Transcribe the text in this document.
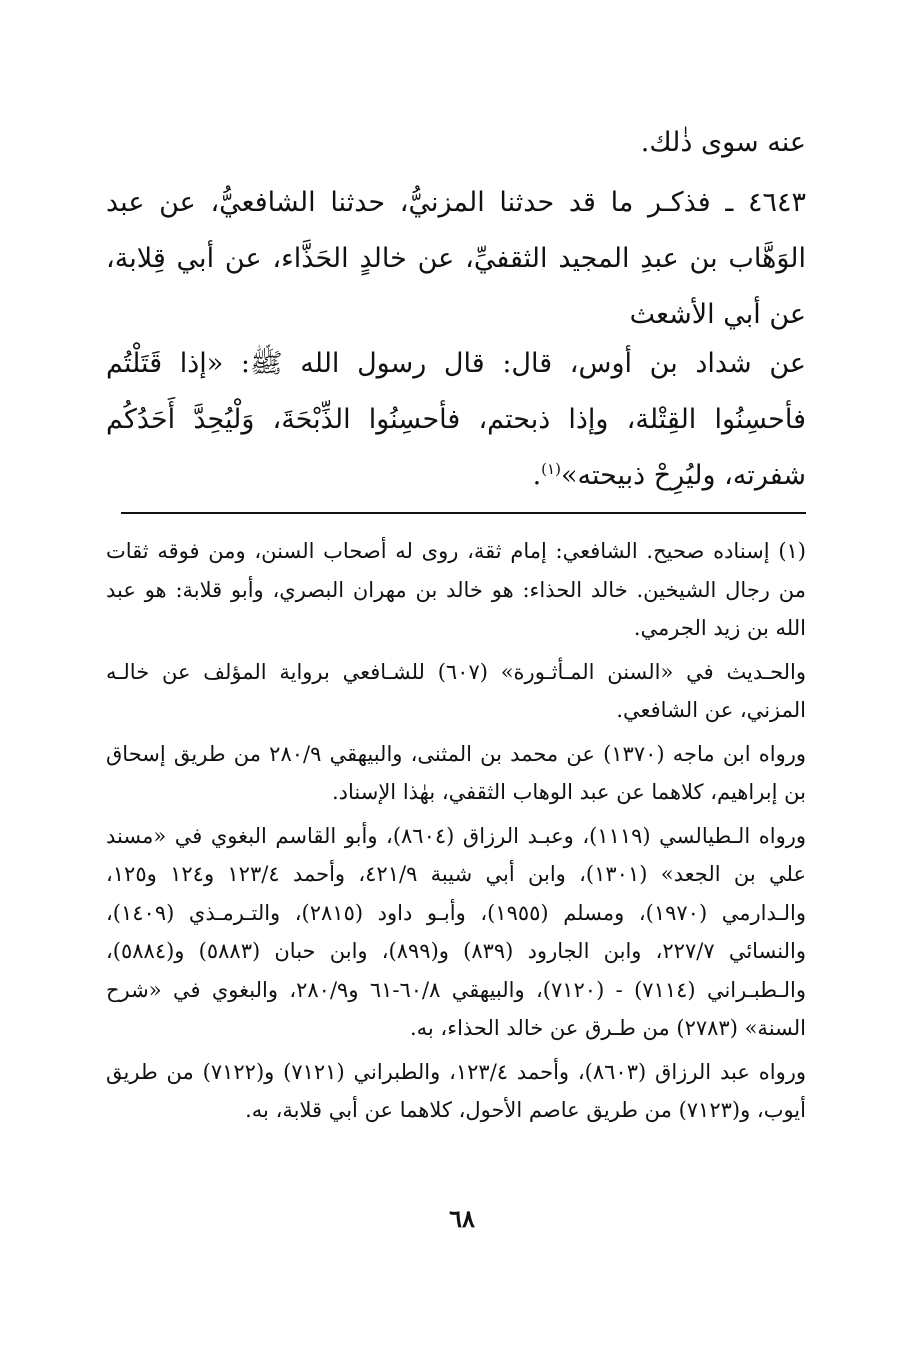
عنه سوى ذٰلك.
٤٦٤٣ ـ فذكـر ما قد حدثنا المزنيُّ، حدثنا الشافعيُّ، عن عبد الوَهَّاب بن عبدِ المجيد الثقفيِّ، عن خالدٍ الحَذَّاء، عن أبي قِلابة، عن أبي الأشعث
عن شداد بن أوس، قال: قال رسول الله ﷺ: «إذا قَتَلْتُم فأحسِنُوا القِتْلة، وإذا ذبحتم، فأحسِنُوا الذِّبْحَةَ، وَلْيُحِدَّ أَحَدُكُم شفرته، وليُرِحْ ذبيحته»$^{(١)}$.

(١) إسناده صحيح. الشافعي: إمام ثقة، روى له أصحاب السنن، ومن فوقه ثقات من رجال الشيخين. خالد الحذاء: هو خالد بن مهران البصري، وأبو قلابة: هو عبد الله بن زيد الجرمي.

والحـديث في «السنن المـأثـورة» (٦٠٧) للشـافعي برواية المؤلف عن خالـه المزني، عن الشافعي.

ورواه ابن ماجه (١٣٧٠) عن محمد بن المثنى، والبيهقي ٢٨٠/٩ من طريق إسحاق بن إبراهيم، كلاهما عن عبد الوهاب الثقفي، بهٰذا الإسناد.

ورواه الـطيالسي (١١١٩)، وعبـد الرزاق (٨٦٠٤)، وأبو القاسم البغوي في «مسند علي بن الجعد» (١٣٠١)، وابن أبي شيبة ٤٢١/٩، وأحمد ١٢٣/٤ و١٢٤ و١٢٥، والـدارمي (١٩٧٠)، ومسلم (١٩٥٥)، وأبـو داود (٢٨١٥)، والتـرمـذي (١٤٠٩)، والنسائي ٢٢٧/٧، وابن الجارود (٨٣٩) و(٨٩٩)، وابن حبان (٥٨٨٣) و(٥٨٨٤)، والـطبـراني (٧١١٤) - (٧١٢٠)، والبيهقي ٦٠/٨-٦١ و٢٨٠/٩، والبغوي في «شرح السنة» (٢٧٨٣) من طـرق عن خالد الحذاء، به.

ورواه عبد الرزاق (٨٦٠٣)، وأحمد ١٢٣/٤، والطبراني (٧١٢١) و(٧١٢٢) من طريق أيوب، و(٧١٢٣) من طريق عاصم الأحول، كلاهما عن أبي قلابة، به.

٦٨
